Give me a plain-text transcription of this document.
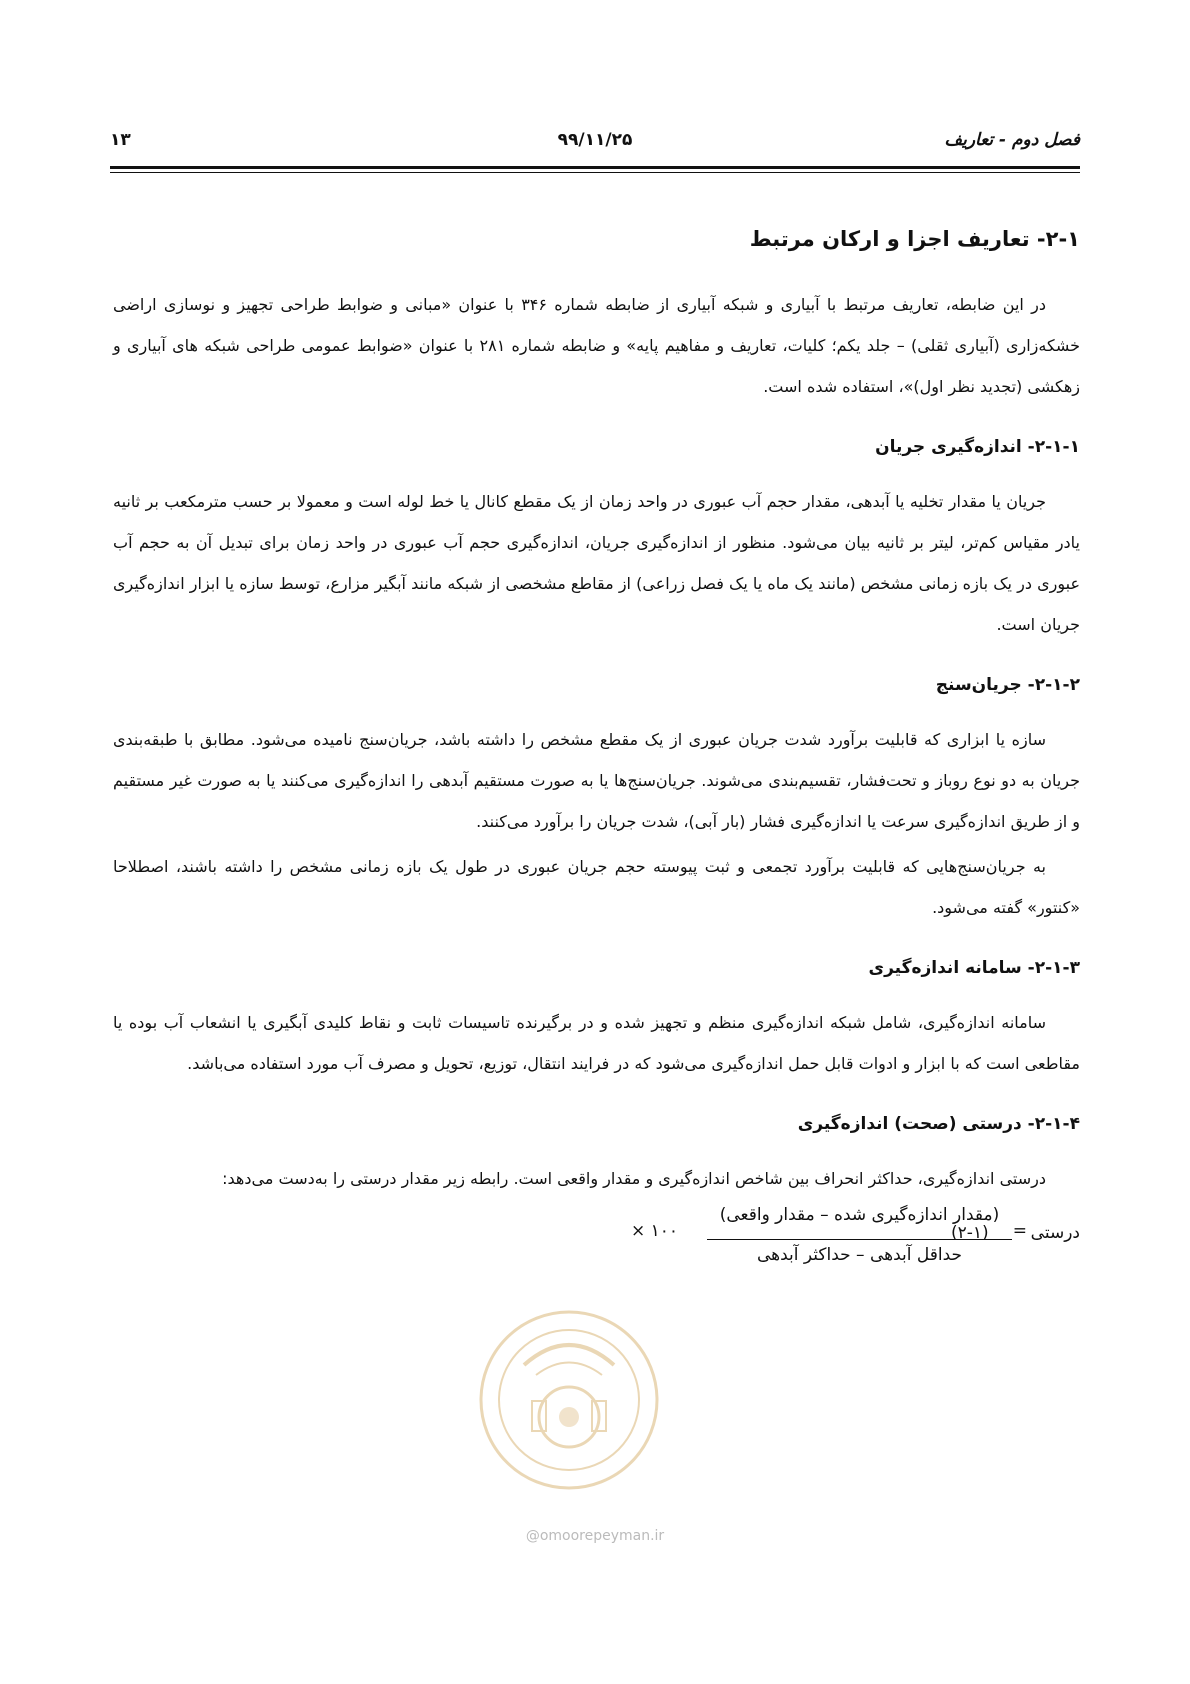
فصل دوم - تعاریف
۹۹/۱۱/۲۵
۱۳
۲-۱- تعاریف اجزا و ارکان مرتبط

در این ضابطه، تعاریف مرتبط با آبیاری و شبکه آبیاری از ضابطه شماره ۳۴۶ با عنوان «مبانی و ضوابط طراحی تجهیز و نوسازی اراضی خشکه‌زاری (آبیاری ثقلی) – جلد یکم؛ کلیات، تعاریف و مفاهیم پایه» و ضابطه شماره ۲۸۱ با عنوان «ضوابط عمومی طراحی شبکه های آبیاری و زهکشی (تجدید نظر اول)»، استفاده شده است.

۲-۱-۱- اندازه‌گیری جریان

جریان یا مقدار تخلیه یا آبدهی، مقدار حجم آب عبوری در واحد زمان از یک مقطع کانال یا خط لوله است و معمولا بر حسب مترمکعب بر ثانیه یادر مقیاس کم‌تر، لیتر بر ثانیه بیان می‌شود. منظور از اندازه‌گیری جریان، اندازه‌گیری حجم آب عبوری در واحد زمان برای تبدیل آن به حجم آب عبوری در یک بازه زمانی مشخص (مانند یک ماه یا یک فصل زراعی) از مقاطع مشخصی از شبکه مانند آبگیر مزارع، توسط سازه یا ابزار اندازه‌گیری جریان است.

۲-۱-۲- جریان‌سنج

سازه یا ابزاری که قابلیت برآورد شدت جریان عبوری از یک مقطع مشخص را داشته باشد، جریان‌سنج نامیده می‌شود. مطابق با طبقه‌بندی جریان به دو نوع روباز و تحت‌فشار، تقسیم‌بندی می‌شوند. جریان‌سنج‌ها یا به صورت مستقیم آبدهی را اندازه‌گیری می‌کنند یا به صورت غیر مستقیم و از طریق اندازه‌گیری سرعت یا اندازه‌گیری فشار (بار آبی)، شدت جریان را برآورد می‌کنند.

به جریان‌سنج‌هایی که قابلیت برآورد تجمعی و ثبت پیوسته حجم جریان عبوری در طول یک بازه زمانی مشخص را داشته باشند، اصطلاحا «کنتور» گفته می‌شود.

۲-۱-۳- سامانه اندازه‌گیری

سامانه اندازه‌گیری، شامل شبکه اندازه‌گیری منظم و تجهیز شده و در برگیرنده تاسیسات ثابت و نقاط کلیدی آبگیری یا انشعاب آب بوده یا مقاطعی است که با ابزار و ادوات قابل حمل اندازه‌گیری می‌شود که در فرایند انتقال، توزیع، تحویل و مصرف آب مورد استفاده می‌باشد.

۲-۱-۴- درستی (صحت) اندازه‌گیری

درستی اندازه‌گیری، حداکثر انحراف بین شاخص اندازه‌گیری و مقدار واقعی است. رابطه زیر مقدار درستی را به‌دست می‌دهد:

درستی
=
(مقدار اندازه‌گیری شده – مقدار واقعی)
حداقل آبدهی – حداکثر آبدهی
× ۱۰۰	(۲-۱)
@omoorepeyman.ir
